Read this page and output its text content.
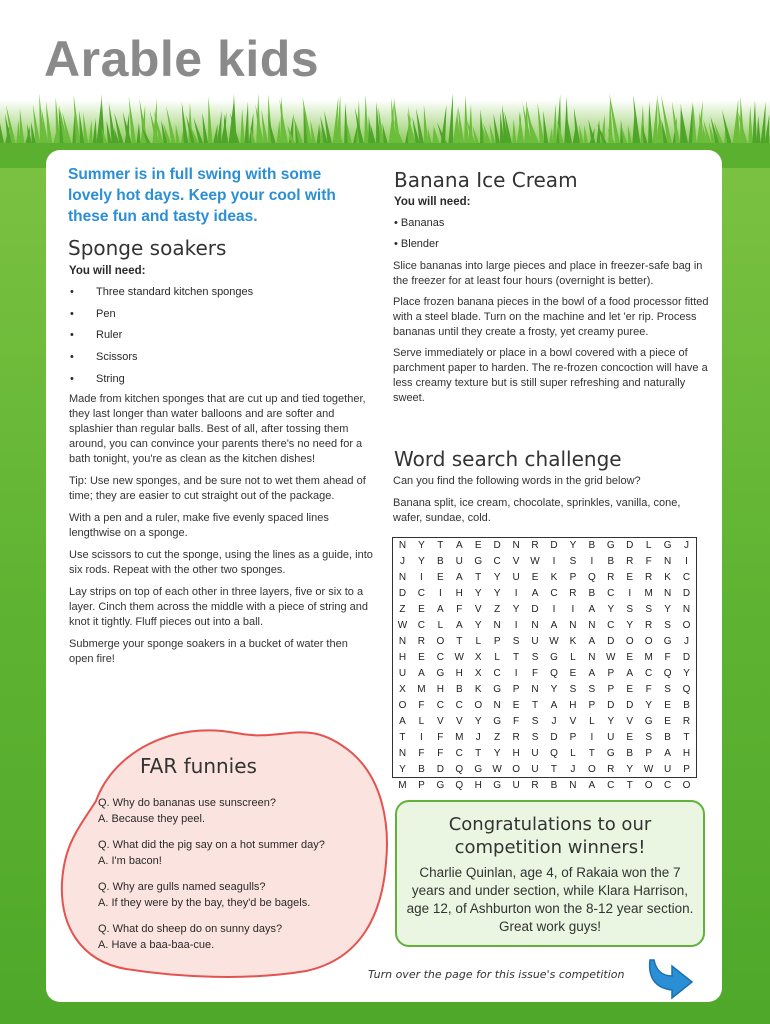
Arable kids
Summer is in full swing with some lovely hot days. Keep your cool with these fun and tasty ideas.
Sponge soakers
You will need:
•	Three standard kitchen sponges
•	Pen
•	Ruler
•	Scissors
•	String

Made from kitchen sponges that are cut up and tied together, they last longer than water balloons and are softer and splashier than regular balls. Best of all, after tossing them around, you can convince your parents there's no need for a bath tonight, you're as clean as the kitchen dishes!

Tip: Use new sponges, and be sure not to wet them ahead of time; they are easier to cut straight out of the package.

With a pen and a ruler, make five evenly spaced lines lengthwise on a sponge.

Use scissors to cut the sponge, using the lines as a guide, into six rods. Repeat with the other two sponges.

Lay strips on top of each other in three layers, five or six to a layer. Cinch them across the middle with a piece of string and knot it tightly. Fluff pieces out into a ball.

Submerge your sponge soakers in a bucket of water then open fire!

Banana Ice Cream
You will need:
• Bananas
• Blender

Slice bananas into large pieces and place in freezer-safe bag in the freezer for at least four hours (overnight is better).

Place frozen banana pieces in the bowl of a food processor fitted with a steel blade. Turn on the machine and let 'er rip. Process bananas until they create a frosty, yet creamy puree.

Serve immediately or place in a bowl covered with a piece of parchment paper to harden. The re-frozen concoction will have a less creamy texture but is still super refreshing and naturally sweet.

Word search challenge

Can you find the following words in the grid below?

Banana split, ice cream, chocolate, sprinkles, vanilla, cone, wafer, sundae, cold.

N	Y	T	A	E	D	N	R	D	Y	B	G	D	L	G	J
J	Y	B	U	G	C	V	W	I	S	I	B	R	F	N	I
N	I	E	A	T	Y	U	E	K	P	Q	R	E	R	K	C
D	C	I	H	Y	Y	I	A	C	R	B	C	I	M	N	D
Z	E	A	F	V	Z	Y	D	I	I	A	Y	S	S	Y	N
W	C	L	A	Y	N	I	N	A	N	N	C	Y	R	S	O
N	R	O	T	L	P	S	U	W	K	A	D	O	O	G	J
H	E	C	W	X	L	T	S	G	L	N	W	E	M	F	D
U	A	G	H	X	C	I	F	Q	E	A	P	A	C	Q	Y
X	M	H	B	K	G	P	N	Y	S	S	P	E	F	S	Q
O	F	C	C	O	N	E	T	A	H	P	D	D	Y	E	B
A	L	V	V	Y	G	F	S	J	V	L	Y	V	G	E	R
T	I	F	M	J	Z	R	S	D	P	I	U	E	S	B	T
N	F	F	C	T	Y	H	U	Q	L	T	G	B	P	A	H
Y	B	D	Q	G	W	O	U	T	J	O	R	Y	W	U	P
M	P	G	Q	H	G	U	R	B	N	A	C	T	O	C	O
FAR funnies
Q. Why do bananas use sunscreen?
A. Because they peel.
Q. What did the pig say on a hot summer day?
A. I'm bacon!
Q. Why are gulls named seagulls?
A. If they were by the bay, they'd be bagels.
Q. What do sheep do on sunny days?
A. Have a baa-baa-cue.
Congratulations to our competition winners!
Charlie Quinlan, age 4, of Rakaia won the 7 years and under section, while Klara Harrison, age 12, of Ashburton won the 8-12 year section. Great work guys!
Turn over the page for this issue's competition
